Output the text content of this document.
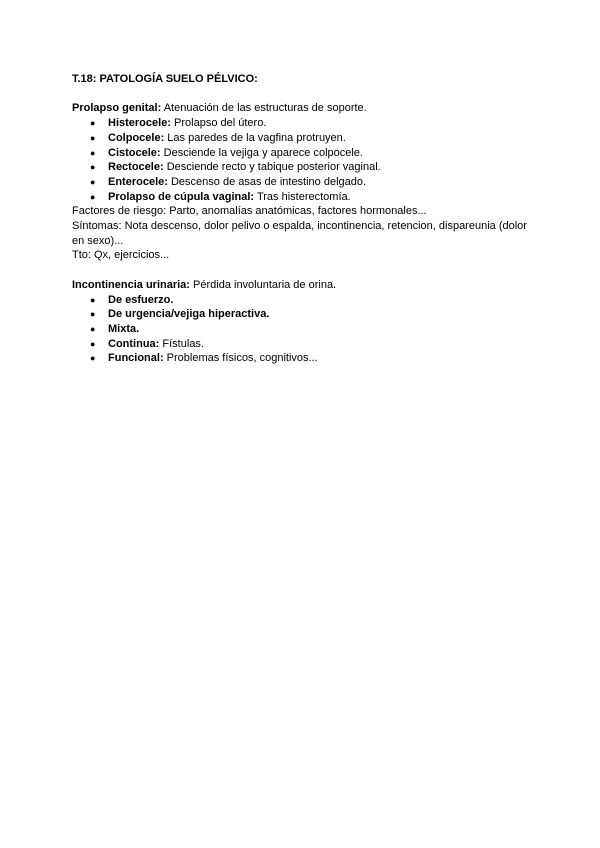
T.18: PATOLOGÍA SUELO PÉLVICO:

Prolapso genital: Atenuación de las estructuras de soporte.

● Histerocele: Prolapso del útero.
● Colpocele: Las paredes de la vagfina protruyen.
● Cistocele: Desciende la vejiga y aparece colpocele.
● Rectocele: Desciende recto y tabique posterior vaginal.
● Enterocele: Descenso de asas de intestino delgado.
● Prolapso de cúpula vaginal: Tras histerectomía.

Factores de riesgo: Parto, anomalías anatómicas, factores hormonales...

Síntomas: Nota descenso, dolor pelivo o espalda, incontinencia, retencion, dispareunia (dolor en sexo)...

Tto: Qx, ejercicios...

Incontinencia urinaria: Pérdida involuntaria de orina.

● De esfuerzo.
● De urgencia/vejiga hiperactiva.
● Mixta.
● Continua: Fístulas.
● Funcional: Problemas físicos, cognitivos...
